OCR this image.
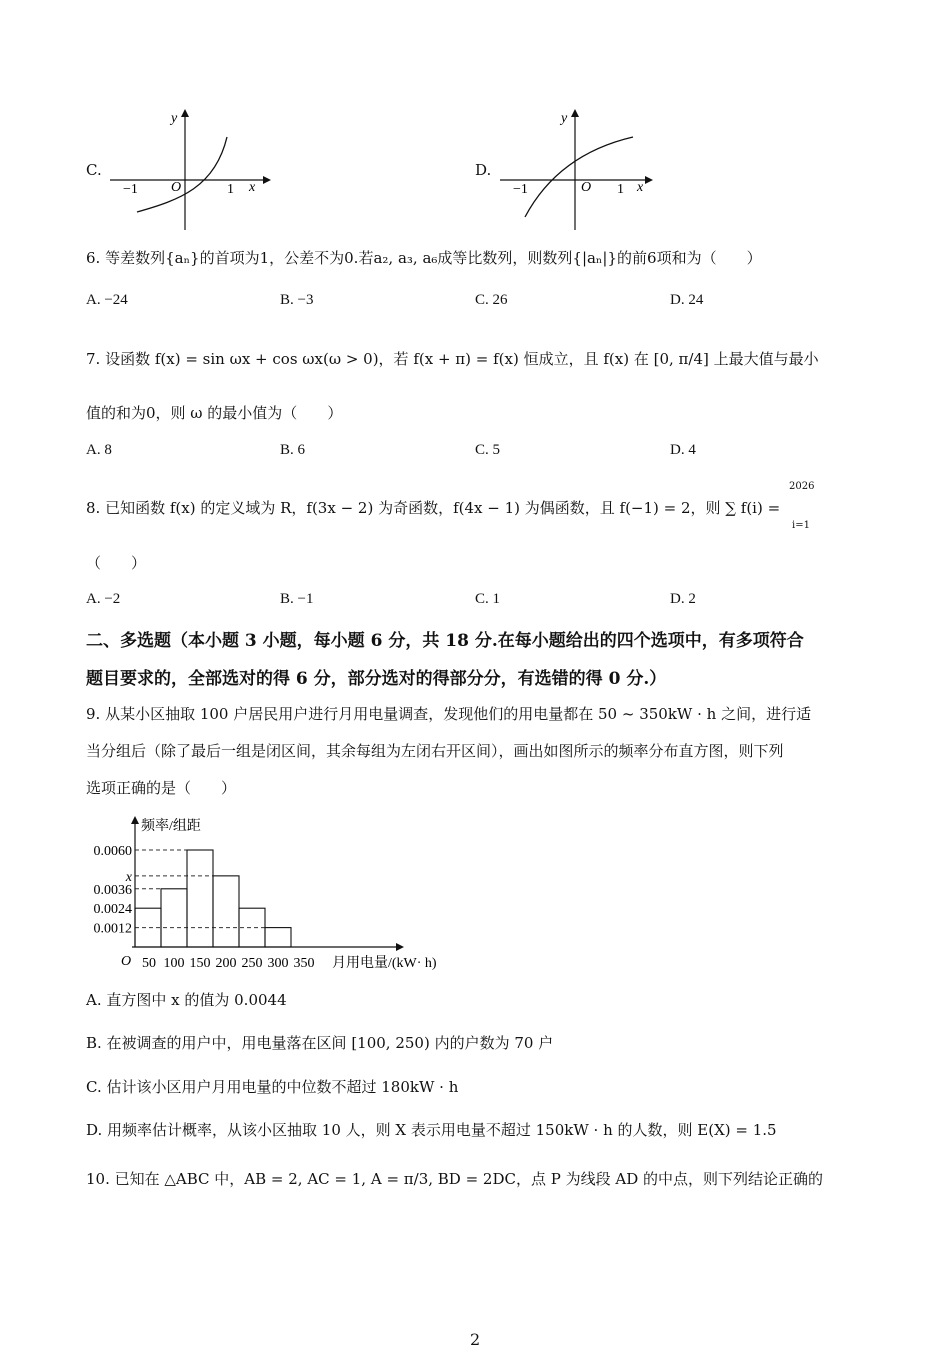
C.
y
x
O
−1	1
D.
y
x
O
−1	1
6. 等差数列{aₙ}的首项为1，公差不为0.若a₂, a₃, a₆成等比数列，则数列{|aₙ|}的前6项和为（　　）
A. −24	B. −3	C. 26	D. 24
7. 设函数 f(x) = sin ωx + cos ωx(ω > 0)，若 f(x + π) = f(x) 恒成立，且 f(x) 在 [0, π/4] 上最大值与最小
值的和为0，则 ω 的最小值为（　　）
A. 8	B. 6	C. 5	D. 4
2026
i=1
8. 已知函数 f(x) 的定义域为 R，f(3x − 2) 为奇函数，f(4x − 1) 为偶函数，且 f(−1) = 2，则 ∑ f(i) =
（　　）
A. −2	B. −1	C. 1	D. 2
二、多选题（本小题 3 小题，每小题 6 分，共 18 分.在每小题给出的四个选项中，有多项符合
题目要求的，全部选对的得 6 分，部分选对的得部分分，有选错的得 0 分.）
9. 从某小区抽取 100 户居民用户进行月用电量调查，发现他们的用电量都在 50 ~ 350kW · h 之间，进行适
当分组后（除了最后一组是闭区间，其余每组为左闭右开区间），画出如图所示的频率分布直方图，则下列
选项正确的是（　　）
0.0060
x
0.0036
0.0024
0.0012
50 100 150 200 250 300 350
O
频率/组距
月用电量/(kW· h)
A. 直方图中 x 的值为 0.0044
B. 在被调查的用户中，用电量落在区间 [100, 250) 内的户数为 70 户
C. 估计该小区用户月用电量的中位数不超过 180kW · h
D. 用频率估计概率，从该小区抽取 10 人，则 X 表示用电量不超过 150kW · h 的人数，则 E(X) = 1.5
10. 已知在 △ABC 中，AB = 2, AC = 1, A = π/3, BD = 2DC，点 P 为线段 AD 的中点，则下列结论正确的
2
